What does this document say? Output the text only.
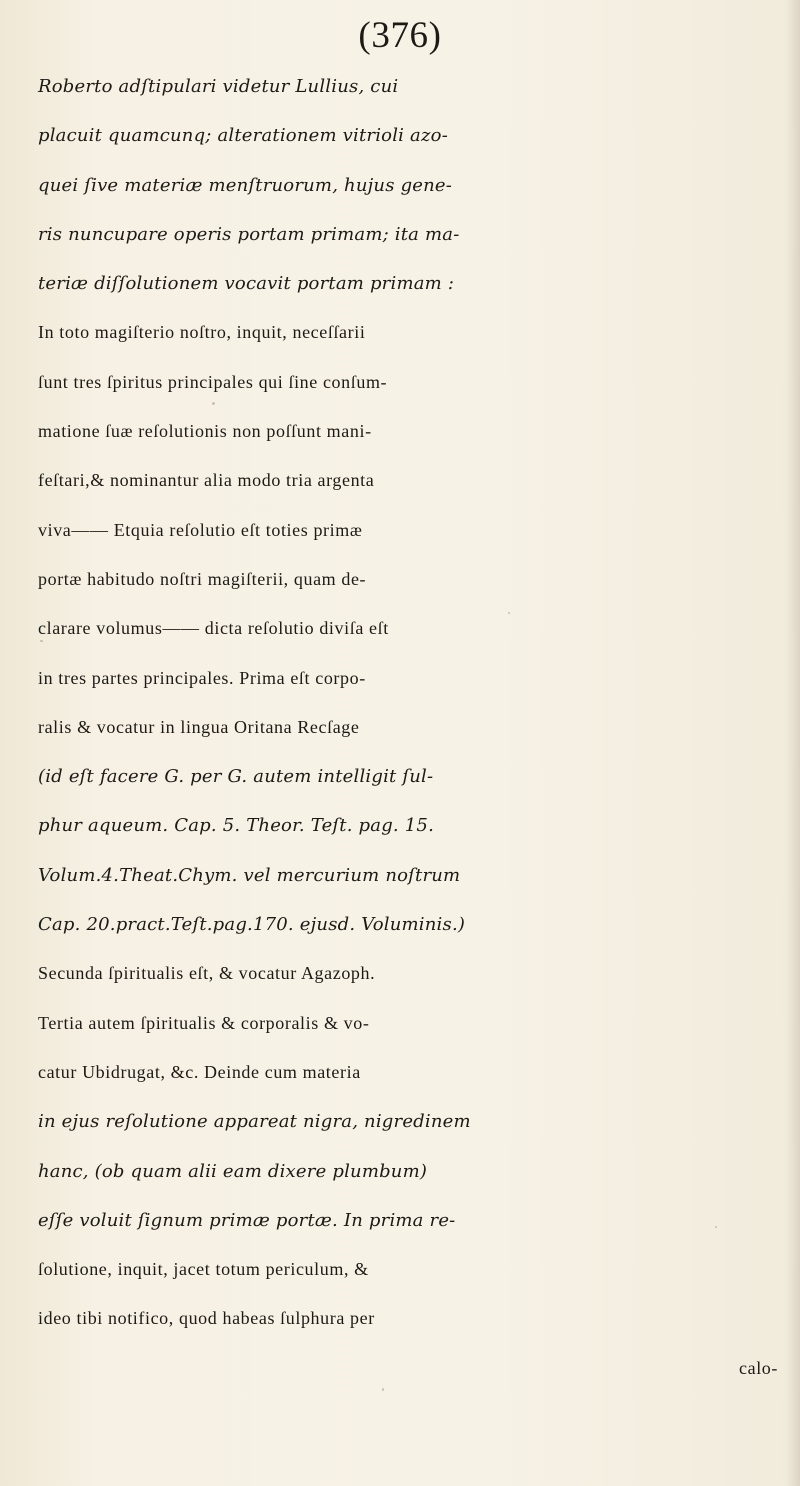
(376)
Roberto adſtipulari videtur Lullius, cui
placuit quamcunq; alterationem vitrioli azo-
quei ſive materiæ menſtruorum, hujus gene-
ris nuncupare operis portam primam; ita ma-
teriæ diſſolutionem vocavit portam primam :
In toto magiſterio noſtro, inquit, neceſſarii
ſunt tres ſpiritus principales qui ſine conſum-
matione ſuæ reſolutionis non poſſunt mani-
feſtari,& nominantur alia modo tria argenta
viva—— Etquia reſolutio eſt toties primæ
portæ habitudo noſtri magiſterii, quam de-
clarare volumus—— dicta reſolutio diviſa eſt
in tres partes principales. Prima eſt corpo-
ralis & vocatur in lingua Oritana Recſage
(id eſt facere G. per G. autem intelligit ſul-
phur aqueum. Cap. 5. Theor. Teſt. pag. 15.
Volum.4.Theat.Chym. vel mercurium noſtrum
Cap. 20.pract.Teſt.pag.170. ejusd. Voluminis.)
Secunda ſpiritualis eſt, & vocatur Agazoph.
Tertia autem ſpiritualis & corporalis & vo-
catur Ubidrugat, &c. Deinde cum materia
in ejus reſolutione appareat nigra, nigredinem
hanc, (ob quam alii eam dixere plumbum)
eſſe voluit ſignum primæ portæ. In prima re-
ſolutione, inquit, jacet totum periculum, &
ideo tibi notifico, quod habeas ſulphura per
calo-
